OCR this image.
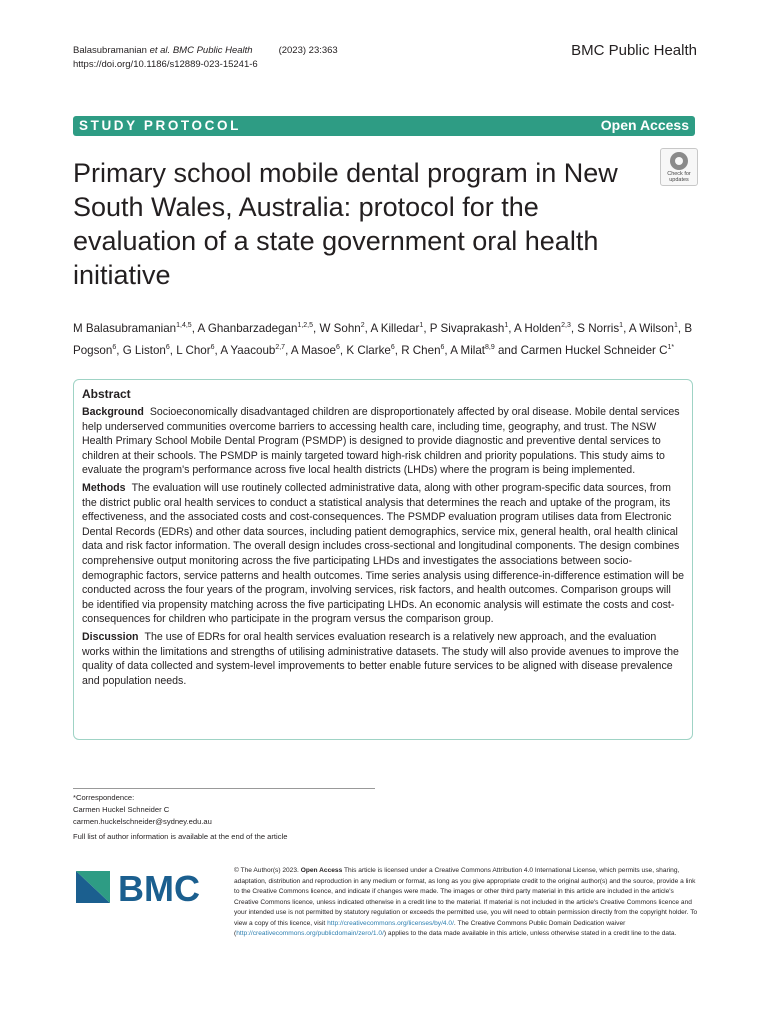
Balasubramanian et al. BMC Public Health	(2023) 23:363
https://doi.org/10.1186/s12889-023-15241-6
BMC Public Health
STUDY PROTOCOL	Open Access
Primary school mobile dental program in New South Wales, Australia: protocol for the evaluation of a state government oral health initiative
Check for
updates
M Balasubramanian$^{1,4,5}$, A Ghanbarzadegan$^{1,2,5}$, W Sohn$^2$, A Killedar$^1$, P Sivaprakash$^1$, A Holden$^{2,3}$, S Norris$^1$, A Wilson$^1$, B Pogson$^6$, G Liston$^6$, L Chor$^6$, A Yaacoub$^{2,7}$, A Masoe$^6$, K Clarke$^6$, R Chen$^6$, A Milat$^{8,9}$ and Carmen Huckel Schneider $C^{1*}$
Abstract

Background Socioeconomically disadvantaged children are disproportionately affected by oral disease. Mobile dental services help underserved communities overcome barriers to accessing health care, including time, geography, and trust. The NSW Health Primary School Mobile Dental Program (PSMDP) is designed to provide diagnostic and preventive dental services to children at their schools. The PSMDP is mainly targeted toward high-risk children and priority populations. This study aims to evaluate the program's performance across five local health districts (LHDs) where the program is being implemented.

Methods The evaluation will use routinely collected administrative data, along with other program-specific data sources, from the district public oral health services to conduct a statistical analysis that determines the reach and uptake of the program, its effectiveness, and the associated costs and cost-consequences. The PSMDP evaluation program utilises data from Electronic Dental Records (EDRs) and other data sources, including patient demographics, service mix, general health, oral health clinical data and risk factor information. The overall design includes cross-sectional and longitudinal components. The design combines comprehensive output monitoring across the five participating LHDs and investigates the associations between socio-demographic factors, service patterns and health outcomes. Time series analysis using difference-in-difference estimation will be conducted across the four years of the program, involving services, risk factors, and health outcomes. Comparison groups will be identified via propensity matching across the five participating LHDs. An economic analysis will estimate the costs and cost-consequences for children who participate in the program versus the comparison group.

Discussion The use of EDRs for oral health services evaluation research is a relatively new approach, and the evaluation works within the limitations and strengths of utilising administrative datasets. The study will also provide avenues to improve the quality of data collected and system-level improvements to better enable future services to be aligned with disease prevalence and population needs.

*Correspondence:
Carmen Huckel Schneider C
carmen.huckelschneider@sydney.edu.au
Full list of author information is available at the end of the article
BMC	© The Author(s) 2023. Open Access This article is licensed under a Creative Commons Attribution 4.0 International License, which permits use, sharing, adaptation, distribution and reproduction in any medium or format, as long as you give appropriate credit to the original author(s) and the source, provide a link to the Creative Commons licence, and indicate if changes were made. The images or other third party material in this article are included in the article's Creative Commons licence, unless indicated otherwise in a credit line to the material. If material is not included in the article's Creative Commons licence and your intended use is not permitted by statutory regulation or exceeds the permitted use, you will need to obtain permission directly from the copyright holder. To view a copy of this licence, visit http://creativecommons.org/licenses/by/4.0/. The Creative Commons Public Domain Dedication waiver (http://creativecommons.org/publicdomain/zero/1.0/) applies to the data made available in this article, unless otherwise stated in a credit line to the data.
